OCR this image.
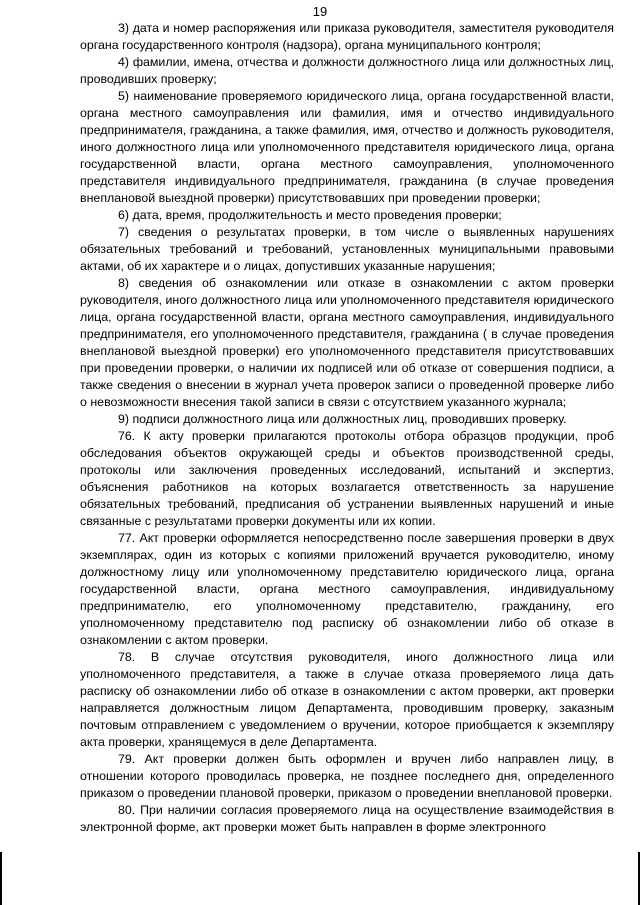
19

3) дата и номер распоряжения или приказа руководителя, заместителя руководителя органа государственного контроля (надзора), органа муниципального контроля;

4) фамилии, имена, отчества и должности должностного лица или должностных лиц, проводивших проверку;

5) наименование проверяемого юридического лица, органа государственной власти, органа местного самоуправления или фамилия, имя и отчество индивидуального предпринимателя, гражданина, а также фамилия, имя, отчество и должность руководителя, иного должностного лица или уполномоченного представителя юридического лица, органа государственной власти, органа местного самоуправления, уполномоченного представителя индивидуального предпринимателя, гражданина (в случае проведения внеплановой выездной проверки) присутствовавших при проведении проверки;

6) дата, время, продолжительность и место проведения проверки;

7) сведения о результатах проверки, в том числе о выявленных нарушениях обязательных требований и требований, установленных муниципальными правовыми актами, об их характере и о лицах, допустивших указанные нарушения;

8) сведения об ознакомлении или отказе в ознакомлении с актом проверки руководителя, иного должностного лица или уполномоченного представителя юридического лица, органа государственной власти, органа местного самоуправления, индивидуального предпринимателя, его уполномоченного представителя, гражданина ( в случае проведения внеплановой выездной проверки) его уполномоченного представителя присутствовавших при проведении проверки, о наличии их подписей или об отказе от совершения подписи, а также сведения о внесении в журнал учета проверок записи о проведенной проверке либо о невозможности внесения такой записи в связи с отсутствием указанного журнала;

9) подписи должностного лица или должностных лиц, проводивших проверку.

76. К акту проверки прилагаются протоколы отбора образцов продукции, проб обследования объектов окружающей среды и объектов производственной среды, протоколы или заключения проведенных исследований, испытаний и экспертиз, объяснения работников на которых возлагается ответственность за нарушение обязательных требований, предписания об устранении выявленных нарушений и иные связанные с результатами проверки документы или их копии.

77. Акт проверки оформляется непосредственно после завершения проверки в двух экземплярах, один из которых с копиями приложений вручается руководителю, иному должностному лицу или уполномоченному представителю юридического лица, органа государственной власти, органа местного самоуправления, индивидуальному предпринимателю, его уполномоченному представителю, гражданину, его уполномоченному представителю под расписку об ознакомлении либо об отказе в ознакомлении с актом проверки.

78. В случае отсутствия руководителя, иного должностного лица или уполномоченного представителя, а также в случае отказа проверяемого лица дать расписку об ознакомлении либо об отказе в ознакомлении с актом проверки, акт проверки направляется должностным лицом Департамента, проводившим проверку, заказным почтовым отправлением с уведомлением о вручении, которое приобщается к экземпляру акта проверки, хранящемуся в деле Департамента.

79. Акт проверки должен быть оформлен и вручен либо направлен лицу, в отношении которого проводилась проверка, не позднее последнего дня, определенного приказом о проведении плановой проверки, приказом о проведении внеплановой проверки.

80. При наличии согласия проверяемого лица на осуществление взаимодействия в электронной форме, акт проверки может быть направлен в форме электронного
